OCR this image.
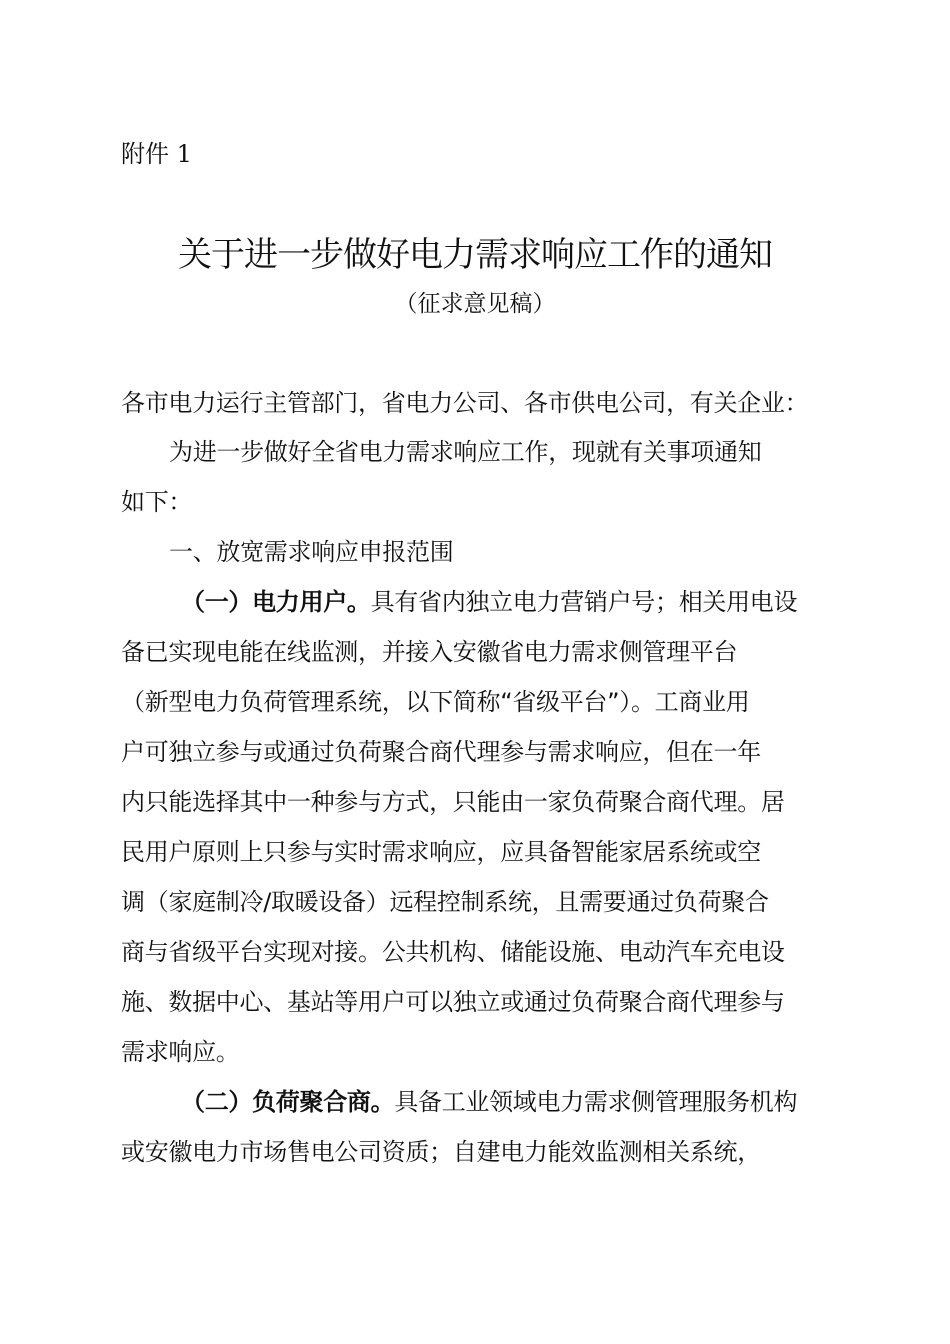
附件 1
关于进一步做好电力需求响应工作的通知
（征求意见稿）
各市电力运行主管部门，省电力公司、各市供电公司，有关企业：
为进一步做好全省电力需求响应工作，现就有关事项通知
如下：
一、放宽需求响应申报范围
（一）电力用户。具有省内独立电力营销户号；相关用电设
备已实现电能在线监测，并接入安徽省电力需求侧管理平台
（新型电力负荷管理系统，以下简称“省级平台”）。工商业用
户可独立参与或通过负荷聚合商代理参与需求响应，但在一年
内只能选择其中一种参与方式，只能由一家负荷聚合商代理。居
民用户原则上只参与实时需求响应，应具备智能家居系统或空
调（家庭制冷/取暖设备）远程控制系统，且需要通过负荷聚合
商与省级平台实现对接。公共机构、储能设施、电动汽车充电设
施、数据中心、基站等用户可以独立或通过负荷聚合商代理参与
需求响应。
（二）负荷聚合商。具备工业领域电力需求侧管理服务机构
或安徽电力市场售电公司资质；自建电力能效监测相关系统，
